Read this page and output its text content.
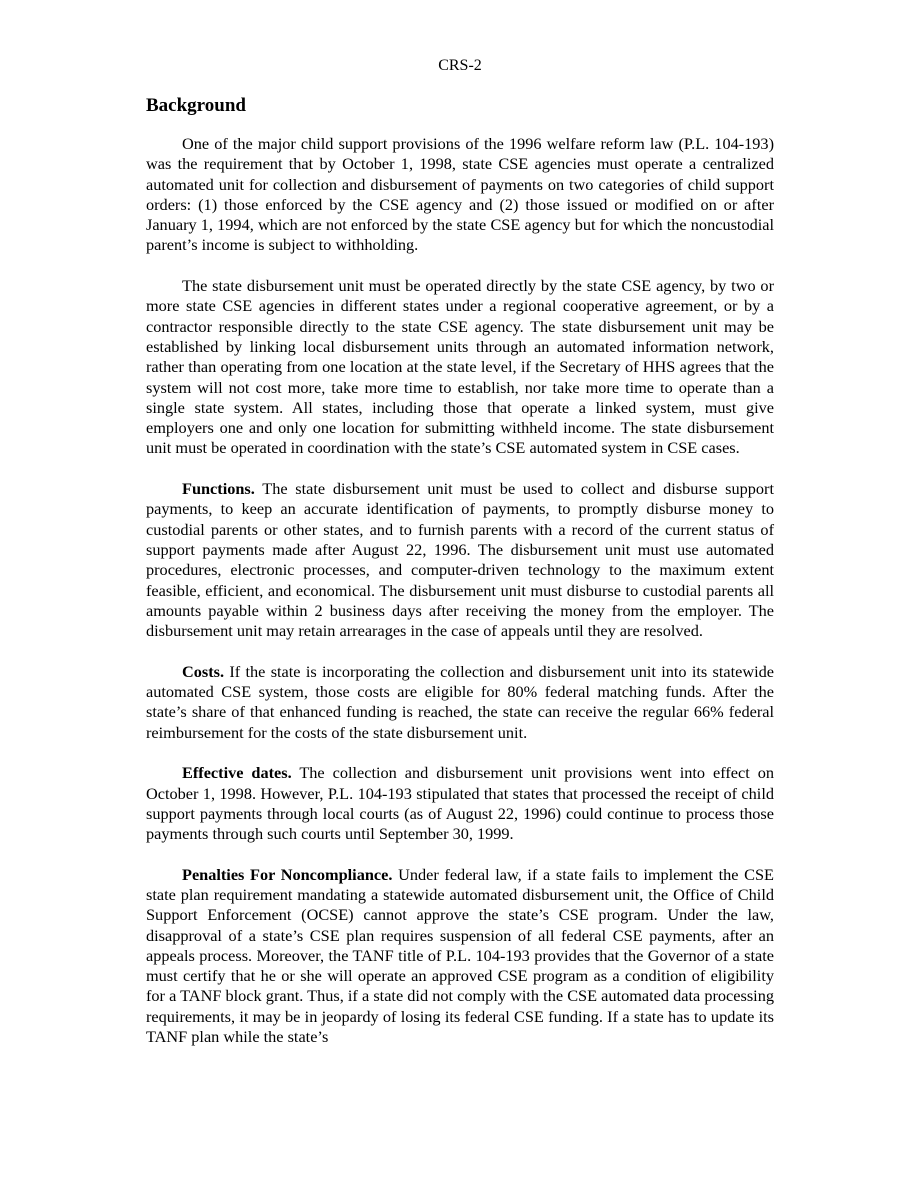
CRS-2
Background

One of the major child support provisions of the 1996 welfare reform law (P.L. 104-193) was the requirement that by October 1, 1998, state CSE agencies must operate a centralized automated unit for collection and disbursement of payments on two categories of child support orders: (1) those enforced by the CSE agency and (2) those issued or modified on or after January 1, 1994, which are not enforced by the state CSE agency but for which the noncustodial parent’s income is subject to withholding.

The state disbursement unit must be operated directly by the state CSE agency, by two or more state CSE agencies in different states under a regional cooperative agreement, or by a contractor responsible directly to the state CSE agency. The state disbursement unit may be established by linking local disbursement units through an automated information network, rather than operating from one location at the state level, if the Secretary of HHS agrees that the system will not cost more, take more time to establish, nor take more time to operate than a single state system. All states, including those that operate a linked system, must give employers one and only one location for submitting withheld income. The state disbursement unit must be operated in coordination with the state’s CSE automated system in CSE cases.

Functions. The state disbursement unit must be used to collect and disburse support payments, to keep an accurate identification of payments, to promptly disburse money to custodial parents or other states, and to furnish parents with a record of the current status of support payments made after August 22, 1996. The disbursement unit must use automated procedures, electronic processes, and computer-driven technology to the maximum extent feasible, efficient, and economical. The disbursement unit must disburse to custodial parents all amounts payable within 2 business days after receiving the money from the employer. The disbursement unit may retain arrearages in the case of appeals until they are resolved.

Costs. If the state is incorporating the collection and disbursement unit into its statewide automated CSE system, those costs are eligible for 80% federal matching funds. After the state’s share of that enhanced funding is reached, the state can receive the regular 66% federal reimbursement for the costs of the state disbursement unit.

Effective dates. The collection and disbursement unit provisions went into effect on October 1, 1998. However, P.L. 104-193 stipulated that states that processed the receipt of child support payments through local courts (as of August 22, 1996) could continue to process those payments through such courts until September 30, 1999.

Penalties For Noncompliance. Under federal law, if a state fails to implement the CSE state plan requirement mandating a statewide automated disbursement unit, the Office of Child Support Enforcement (OCSE) cannot approve the state’s CSE program. Under the law, disapproval of a state’s CSE plan requires suspension of all federal CSE payments, after an appeals process. Moreover, the TANF title of P.L. 104-193 provides that the Governor of a state must certify that he or she will operate an approved CSE program as a condition of eligibility for a TANF block grant. Thus, if a state did not comply with the CSE automated data processing requirements, it may be in jeopardy of losing its federal CSE funding. If a state has to update its TANF plan while the state’s
